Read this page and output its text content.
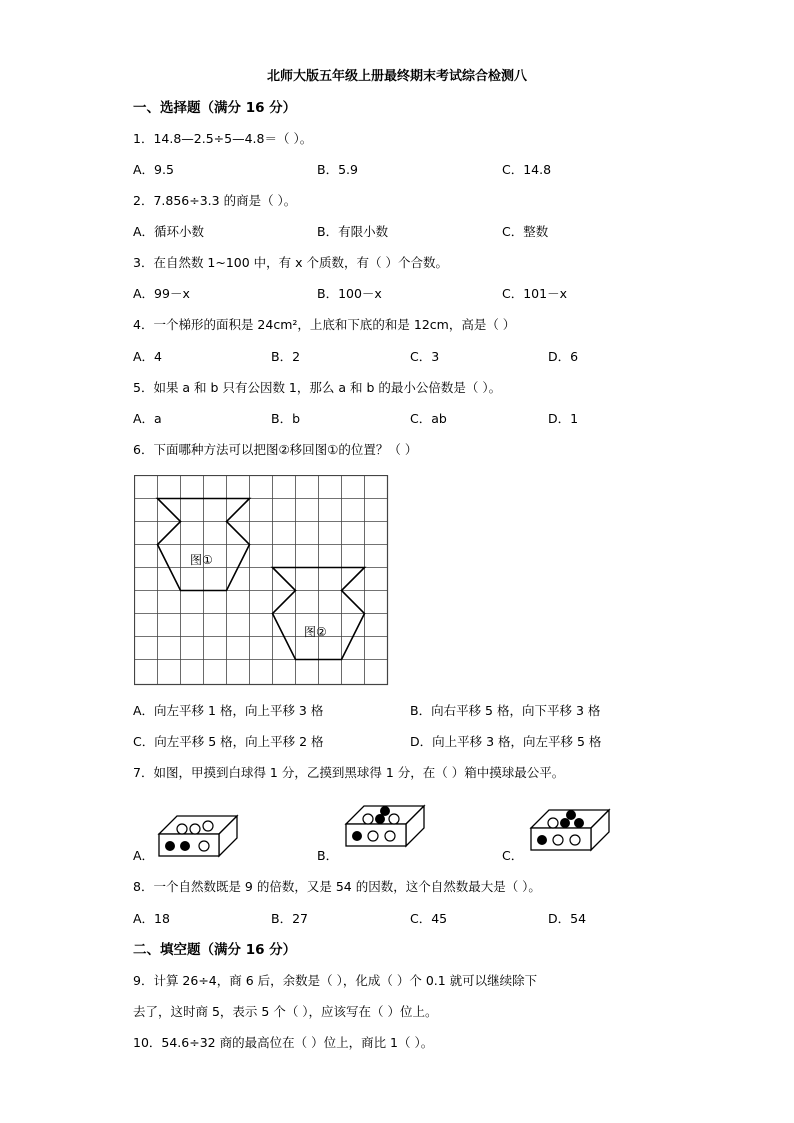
北师大版五年级上册最终期末考试综合检测八
一、选择题（满分 16 分）
1．14.8—2.5÷5—4.8＝（ ）。
A．9.5	B．5.9	C．14.8
2．7.856÷3.3 的商是（ ）。
A．循环小数	B．有限小数	C．整数
3．在自然数 1~100 中，有 x 个质数，有（ ）个合数。
A．99－x	B．100－x	C．101－x
4．一个梯形的面积是 24cm²，上底和下底的和是 12cm，高是（ ）
A．4	B．2	C．3	D．6
5．如果 a 和 b 只有公因数 1，那么 a 和 b 的最小公倍数是（ ）。
A．a	B．b	C．ab	D．1
6．下面哪种方法可以把图②移回图①的位置？（ ）
图①
图②
A．向左平移 1 格，向上平移 3 格	B．向右平移 5 格，向下平移 3 格
C．向左平移 5 格，向上平移 2 格	D．向上平移 3 格，向左平移 5 格
7．如图，甲摸到白球得 1 分，乙摸到黑球得 1 分，在（ ）箱中摸球最公平。
A．	B．	C．
8．一个自然数既是 9 的倍数，又是 54 的因数，这个自然数最大是（ ）。
A．18	B．27	C．45	D．54
二、填空题（满分 16 分）
9．计算 26÷4，商 6 后，余数是（ ），化成（ ）个 0.1 就可以继续除下
去了，这时商 5，表示 5 个（ ），应该写在（ ）位上。
10．54.6÷32 商的最高位在（ ）位上，商比 1（ ）。
